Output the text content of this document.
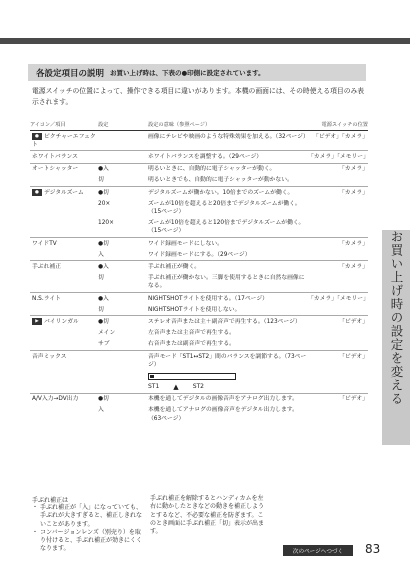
各設定項目の説明 お買い上げ時は、下表の●印側に設定されています。
電源スイッチの位置によって、操作できる項目に違いがあります。本機の画面には、その時使える項目のみ表示されます。
アイコン／項目	設定	設定の意味（参照ページ）	電源スイッチの位置
● ピクチャーエフェクト		画像にテレビや映画のような特殊効果を加える。（32ページ）	「ビデオ」「カメラ」
ホワイトバランス		ホワイトバランスを調整する。（29ページ）	「カメラ」「メモリー」
オートシャッター	●入	明るいときに、自動的に電子シャッターが動く。	「カメラ」
	切	明るいときでも、自動的に電子シャッターが動かない。	

● デジタルズーム	●切	デジタルズームが働かない。10倍までのズームが働く。	「カメラ」
	20×	ズームが10倍を超えると20倍までデジタルズームが働く。（15ページ）	

	120×	ズームが10倍を超えると120倍までデジタルズームが働く。（15ページ）	

ワイドTV	●切	ワイド録画モードにしない。	「カメラ」
	入	ワイド録画モードにする。（29ページ）	

手ぶれ補正	●入	手ぶれ補正が働く。	「カメラ」
	切	手ぶれ補正が働かない。三脚を使用するときに自然な画像になる。	

N.S.ライト	●入	NIGHTSHOTライトを使用する。（17ページ）	「カメラ」「メモリー」
	切	NIGHTSHOTライトを使用しない。	

▶ バイリンガル	●切	ステレオ音声または主＋副音声で再生する。（123ページ）	「ビデオ」
	メイン	左音声または主音声で再生する。	

	サブ	右音声または副音声で再生する。	

音声ミックス		音声モード「ST1↔ST2」間のバランスを調節する。（73ページ）
ST1 ▲ ST2	「ビデオ」
A/V入力→DV出力	●切	本機を通してデジタルの画像音声をアナログ出力します。	「ビデオ」
	入	本機を通してアナログの画像音声をデジタル出力します。（63ページ）	

お買い上げ時の設定を変える
手ぶれ補正は
・ 手ぶれ補正が「入」になっていても、手ぶれが大きすぎると、補正しきれないことがあります。
・ コンバージョンレンズ（別売り）を取り付けると、手ぶれ補正が効きにくくなります。
手ぶれ補正を解除するとハンディカムを左右に動かしたときなどの動きを補正しようとするなど、不必要な補正を防ぎます。このとき画面に手ぶれ補正「切」表示が出ます。
次のページへつづく	83
